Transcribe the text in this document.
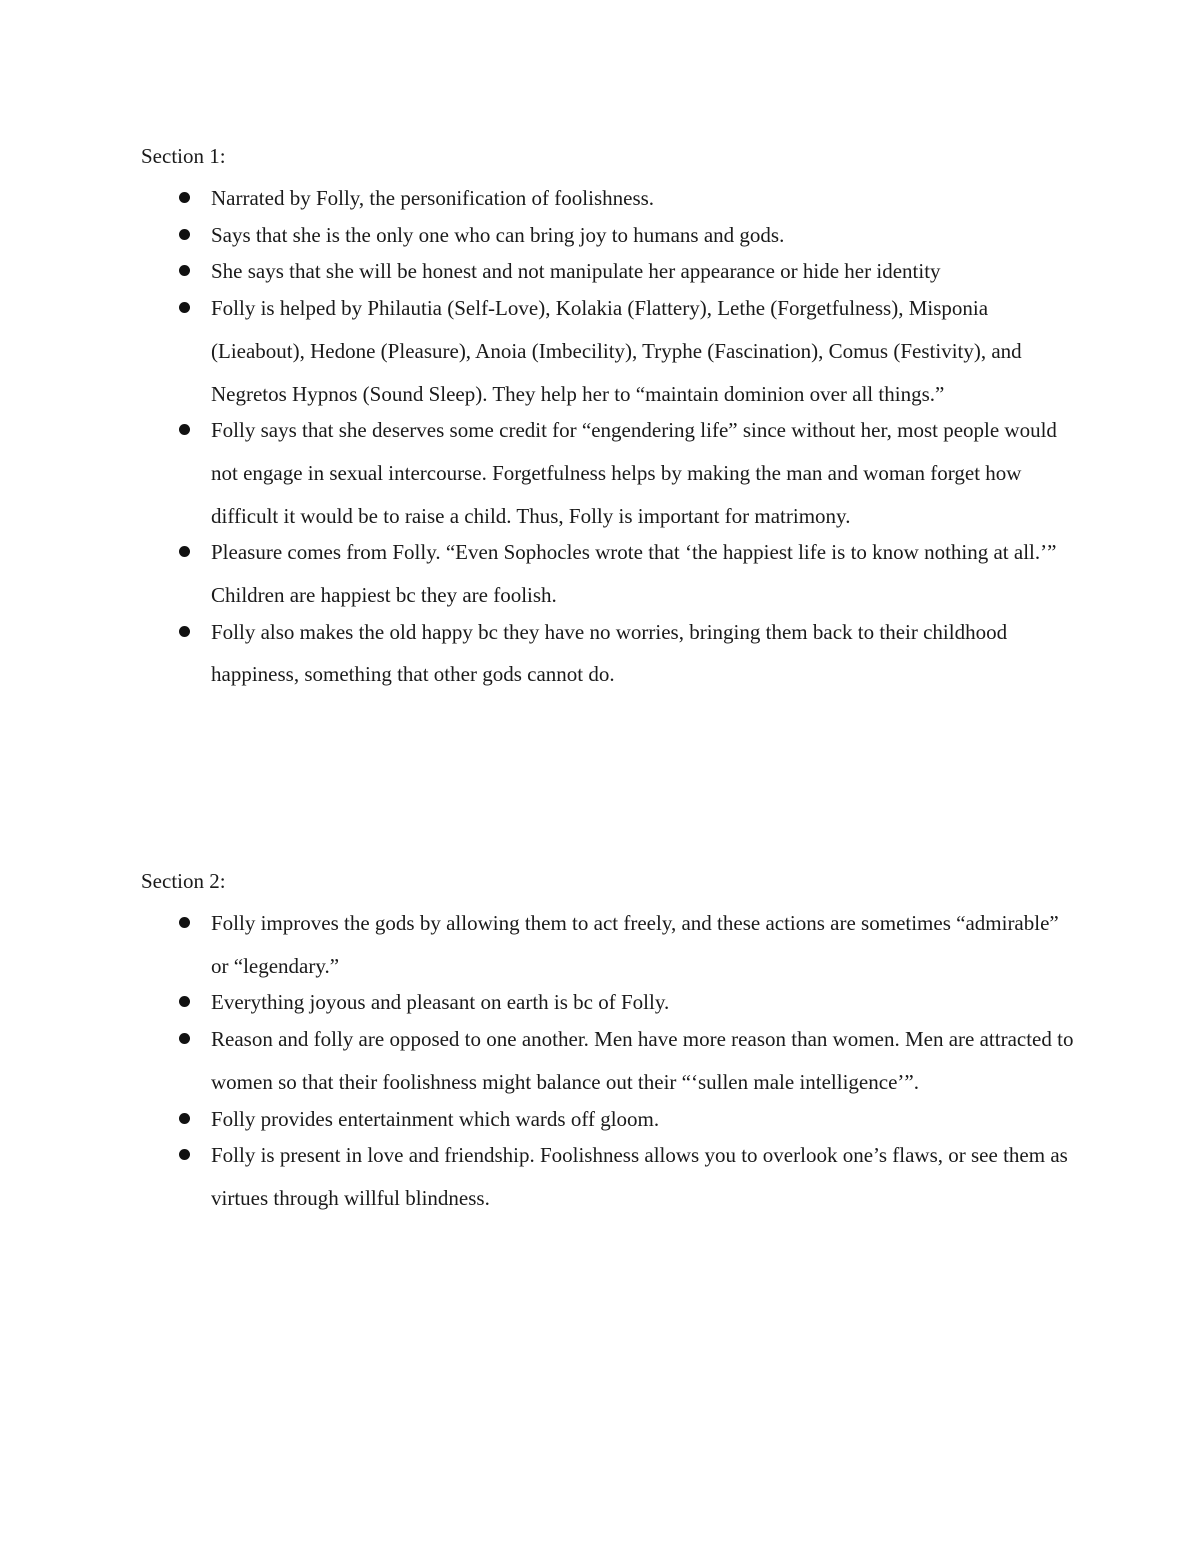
Section 1:
Narrated by Folly, the personification of foolishness.
Says that she is the only one who can bring joy to humans and gods.
She says that she will be honest and not manipulate her appearance or hide her identity
Folly is helped by Philautia (Self-Love), Kolakia (Flattery), Lethe (Forgetfulness), Misponia (Lieabout), Hedone (Pleasure), Anoia (Imbecility), Tryphe (Fascination), Comus (Festivity), and Negretos Hypnos (Sound Sleep). They help her to “maintain dominion over all things.”
Folly says that she deserves some credit for “engendering life” since without her, most people would not engage in sexual intercourse. Forgetfulness helps by making the man and woman forget how difficult it would be to raise a child. Thus, Folly is important for matrimony.
Pleasure comes from Folly. “Even Sophocles wrote that ‘the happiest life is to know nothing at all.’” Children are happiest bc they are foolish.
Folly also makes the old happy bc they have no worries, bringing them back to their childhood happiness, something that other gods cannot do.
Section 2:
Folly improves the gods by allowing them to act freely, and these actions are sometimes “admirable” or “legendary.”
Everything joyous and pleasant on earth is bc of Folly.
Reason and folly are opposed to one another. Men have more reason than women. Men are attracted to women so that their foolishness might balance out their “‘sullen male intelligence’”.
Folly provides entertainment which wards off gloom.
Folly is present in love and friendship. Foolishness allows you to overlook one’s flaws, or see them as virtues through willful blindness.
